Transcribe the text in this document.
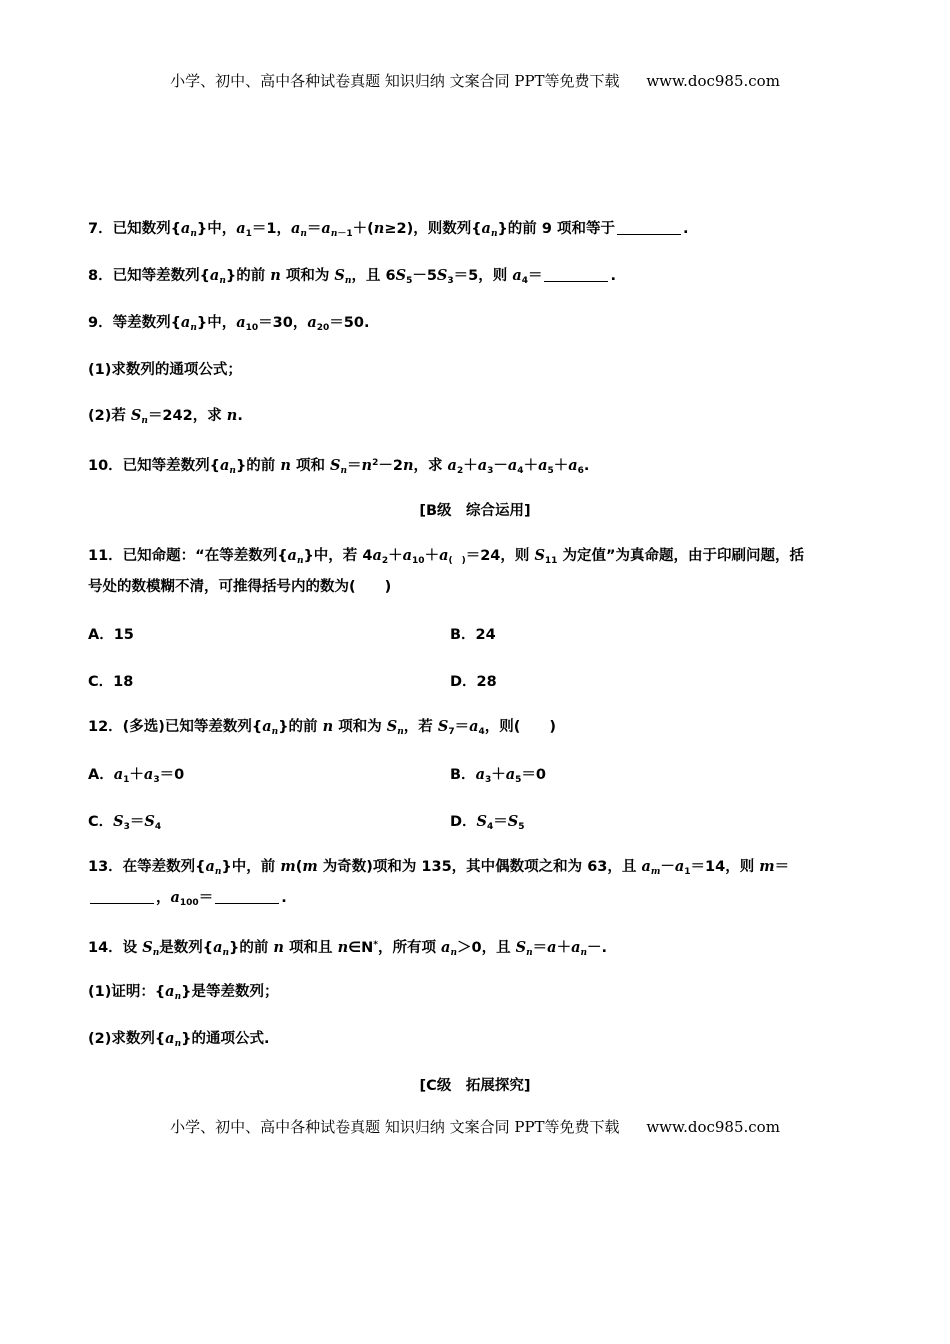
小学、初中、高中各种试卷真题 知识归纳 文案合同 PPT等免费下载 www.doc985.com
7．已知数列$\{a_n\}$中，$a_1=1$，$a_n=a_{n-1}+(n\ge 2)$，则数列$\{a_n\}$的前 9 项和等于	.
8．已知等差数列$\{a_n\}$的前 n 项和为 $S_n$，且 $6S_5-5S_3=5$，则 $a_4=$	.
9．等差数列$\{a_n\}$中，$a_{10}=30$，$a_{20}=50$.
(1)求数列的通项公式；
(2)若 $S_n=242$，求 n.
10．已知等差数列$\{a_n\}$的前 n 项和 $S_n=n^2-2n$，求 $a_2+a_3-a_4+a_5+a_6$.
[B级　综合运用]
11．已知命题：“在等差数列$\{a_n\}$中，若 $4a_2+a_{10}+a_{( )}=24$，则 $S_{11}$ 为定值”为真命题，由于印刷问题，括
号处的数模糊不清，可推得括号内的数为(　　)
A．15	B．24
C．18	D．28
12．(多选)已知等差数列$\{a_n\}$的前 n 项和为 $S_n$，若 $S_7=a_4$，则(　　)
A．$a_1+a_3=0$	B．$a_3+a_5=0$
C．$S_3=S_4$	D．$S_4=S_5$
13．在等差数列$\{a_n\}$中，前 m(m 为奇数)项和为 135，其中偶数项之和为 63，且 $a_m-a_1=14$，则 m＝
，$a_{100}=$	.
14．设 $S_n$是数列$\{a_n\}$的前 n 项和且 n∈N*，所有项 $a_n>0$，且 $S_n=a+a_n-$.
(1)证明：$\{a_n\}$是等差数列；
(2)求数列$\{a_n\}$的通项公式.
[C级　拓展探究]
小学、初中、高中各种试卷真题 知识归纳 文案合同 PPT等免费下载 www.doc985.com
